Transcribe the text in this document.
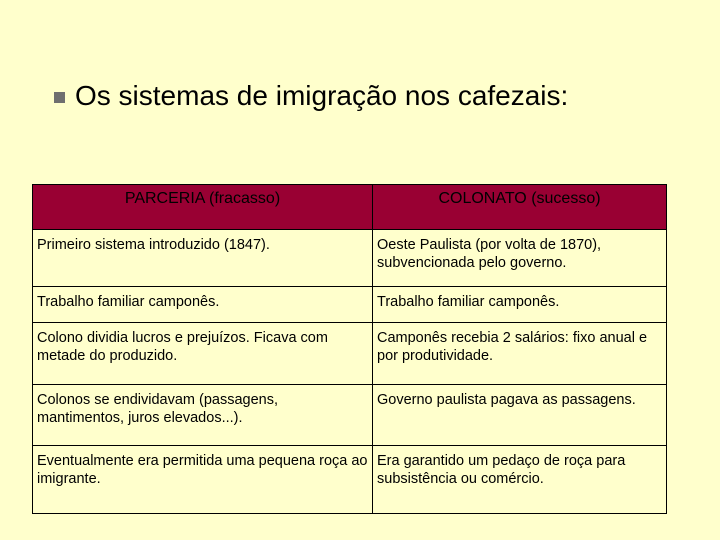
Os sistemas de imigração nos cafezais:
PARCERIA (fracasso)	COLONATO (sucesso)
Primeiro sistema introduzido (1847).	Oeste Paulista (por volta de 1870), subvencionada pelo governo.
Trabalho familiar camponês.	Trabalho familiar camponês.
Colono dividia lucros e prejuízos. Ficava com metade do produzido.	Camponês recebia 2 salários: fixo anual e por produtividade.
Colonos se endividavam (passagens, mantimentos, juros elevados...).	Governo paulista pagava as passagens.
Eventualmente era permitida uma pequena roça ao imigrante.	Era garantido um pedaço de roça para subsistência ou comércio.
